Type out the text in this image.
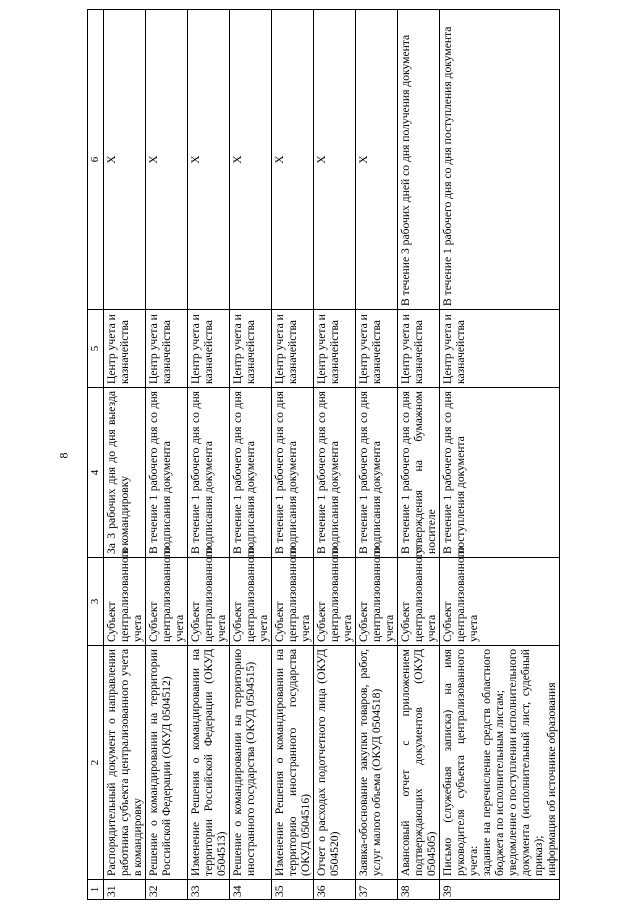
8
1	2	3	4	5	6
31	Распорядительный документ о направлении работника субъекта централизованного учета в командировку	Субъект централизованного учета	За 3 рабочих дня до дня выезда в командировку	Центр учета и казначейства	X
32	Решение о командировании на территории Российской Федерации (ОКУД 0504512)	Субъект централизованного учета	В течение 1 рабочего дня со дня подписания документа	Центр учета и казначейства	X
33	Изменение Решения о командировании на территории Российской Федерации (ОКУД 0504513)	Субъект централизованного учета	В течение 1 рабочего дня со дня подписания документа	Центр учета и казначейства	X
34	Решение о командировании на территорию иностранного государства (ОКУД 0504515)	Субъект централизованного учета	В течение 1 рабочего дня со дня подписания документа	Центр учета и казначейства	X
35	Изменение Решения о командировании на территорию иностранного государства (ОКУД 0504516)	Субъект централизованного учета	В течение 1 рабочего дня со дня подписания документа	Центр учета и казначейства	X
36	Отчет о расходах подотчетного лица (ОКУД 0504520)	Субъект централизованного учета	В течение 1 рабочего дня со дня подписания документа	Центр учета и казначейства	X
37	Заявка-обоснование закупки товаров, работ, услуг малого объема (ОКУД 0504518)	Субъект централизованного учета	В течение 1 рабочего дня со дня подписания документа	Центр учета и казначейства	X
38	Авансовый отчет с приложением подтверждающих документов (ОКУД 0504505)	Субъект централизованного учета	В течение 1 рабочего дня со дня утверждения на бумажном носителе	Центр учета и казначейства	В течение 3 рабочих дней со дня получения документа
39	Письмо (служебная записка) на имя руководителя субъекта централизованного учета: задание на перечисление средств областного бюджета по исполнительным листам; уведомление о поступлении исполнительного документа (исполнительный лист, судебный приказ); информация об источнике образования	Субъект централизованного учета	В течение 1 рабочего дня со дня поступления документа	Центр учета и казначейства	В течение 1 рабочего дня со дня поступления документа
